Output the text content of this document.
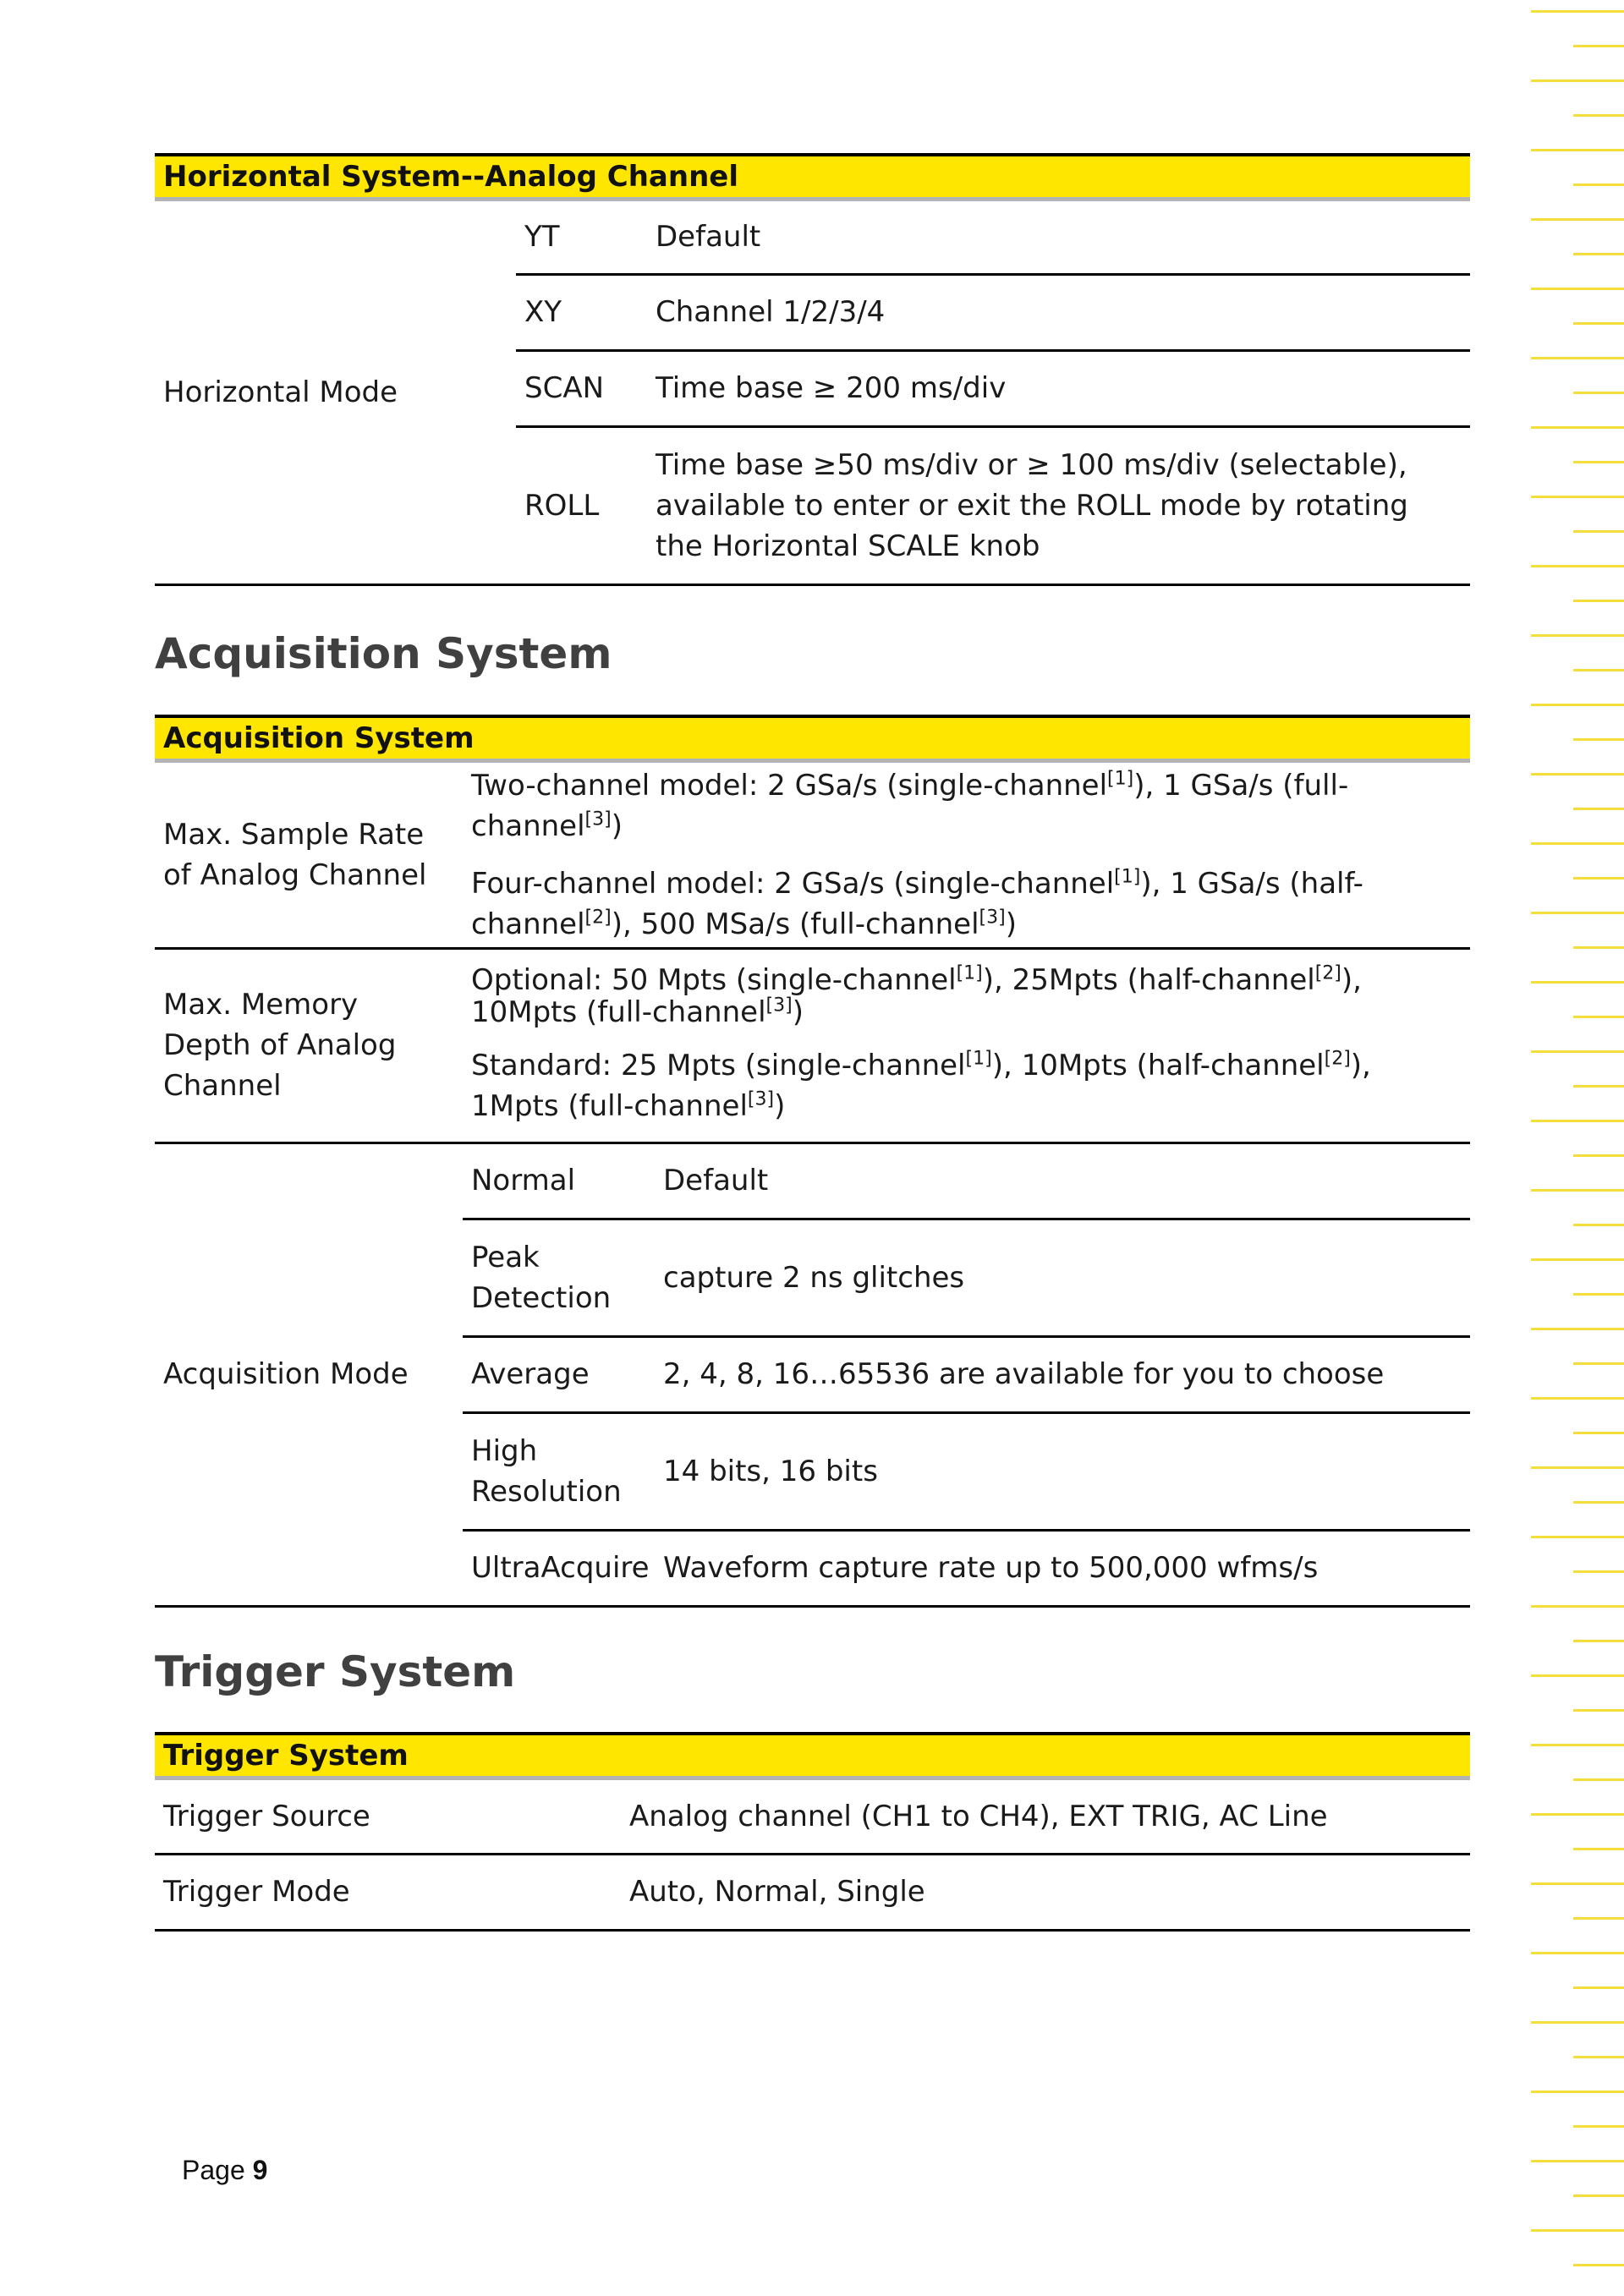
Horizontal System--Analog Channel		
Horizontal Mode	YT	Default
	XY	Channel 1/2/3/4
	SCAN	Time base ≥ 200 ms/div
	ROLL	Time base ≥50 ms/div or ≥ 100 ms/div (selectable), available to enter or exit the ROLL mode by rotating the Horizontal SCALE knob
Acquisition System
Acquisition System		
Max. Sample Rate of Analog Channel	Two-channel model: 2 GSa/s (single-channel[1]), 1 GSa/s (full-channel[3])

Four-channel model: 2 GSa/s (single-channel[1]), 1 GSa/s (half-channel[2]), 500 MSa/s (full-channel[3])	

Max. Memory Depth of Analog Channel	Optional: 50 Mpts (single-channel[1]), 25Mpts (half-channel[2]), 10Mpts (full-channel[3])

Standard: 25 Mpts (single-channel[1]), 10Mpts (half-channel[2]), 1Mpts (full-channel[3])	

Acquisition Mode	Normal	Default
	Peak Detection	capture 2 ns glitches
	Average	2, 4, 8, 16…65536 are available for you to choose
	High Resolution	14 bits, 16 bits
	UltraAcquire	Waveform capture rate up to 500,000 wfms/s
Trigger System
Trigger System	
Trigger Source	Analog channel (CH1 to CH4), EXT TRIG, AC Line
Trigger Mode	Auto, Normal, Single
Page 9
